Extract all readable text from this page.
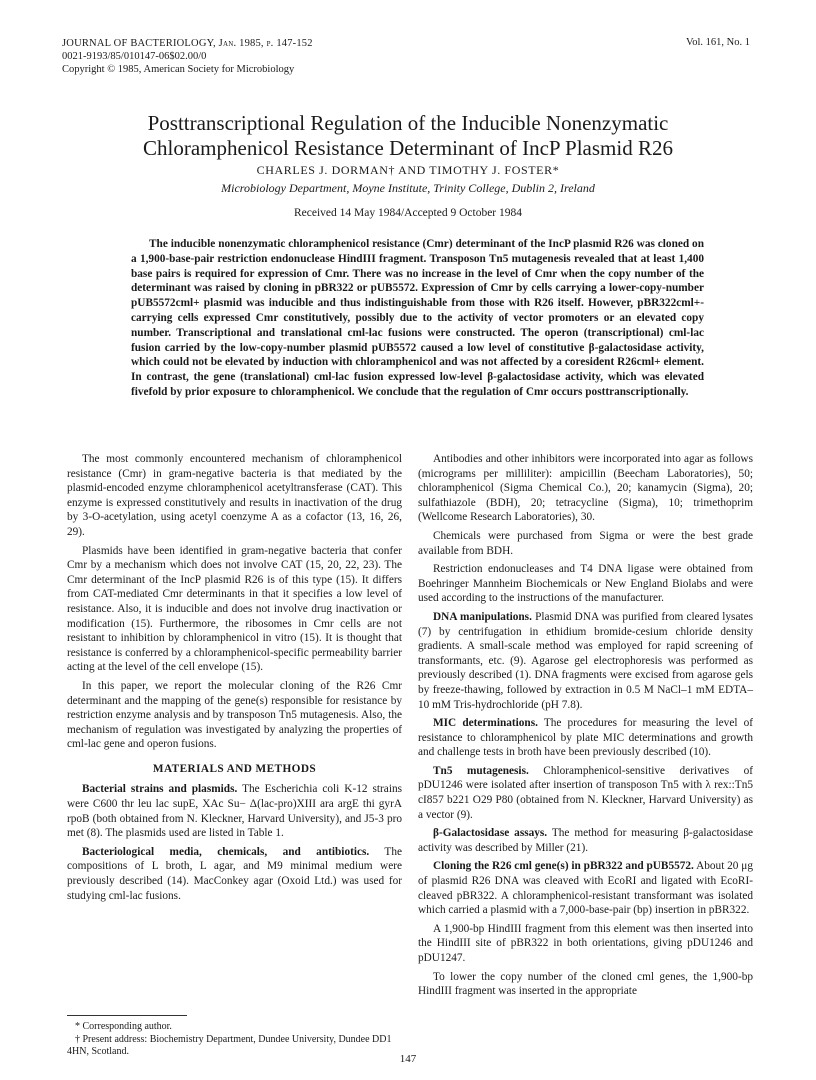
JOURNAL OF BACTERIOLOGY, Jan. 1985, p. 147-152
0021-9193/85/010147-06$02.00/0
Copyright © 1985, American Society for Microbiology
Vol. 161, No. 1
Posttranscriptional Regulation of the Inducible Nonenzymatic
Chloramphenicol Resistance Determinant of IncP Plasmid R26
CHARLES J. DORMAN† AND TIMOTHY J. FOSTER*
Microbiology Department, Moyne Institute, Trinity College, Dublin 2, Ireland
Received 14 May 1984/Accepted 9 October 1984

The inducible nonenzymatic chloramphenicol resistance (Cmr) determinant of the IncP plasmid R26 was cloned on a 1,900-base-pair restriction endonuclease HindIII fragment. Transposon Tn5 mutagenesis revealed that at least 1,400 base pairs is required for expression of Cmr. There was no increase in the level of Cmr when the copy number of the determinant was raised by cloning in pBR322 or pUB5572. Expression of Cmr by cells carrying a lower-copy-number pUB5572cml+ plasmid was inducible and thus indistinguishable from those with R26 itself. However, pBR322cml+-carrying cells expressed Cmr constitutively, possibly due to the activity of vector promoters or an elevated copy number. Transcriptional and translational cml-lac fusions were constructed. The operon (transcriptional) cml-lac fusion carried by the low-copy-number plasmid pUB5572 caused a low level of constitutive β-galactosidase activity, which could not be elevated by induction with chloramphenicol and was not affected by a coresident R26cml+ element. In contrast, the gene (translational) cml-lac fusion expressed low-level β-galactosidase activity, which was elevated fivefold by prior exposure to chloramphenicol. We conclude that the regulation of Cmr occurs posttranscriptionally.

The most commonly encountered mechanism of chloramphenicol resistance (Cmr) in gram-negative bacteria is that mediated by the plasmid-encoded enzyme chloramphenicol acetyltransferase (CAT). This enzyme is expressed constitutively and results in inactivation of the drug by 3-O-acetylation, using acetyl coenzyme A as a cofactor (13, 16, 26, 29).

Plasmids have been identified in gram-negative bacteria that confer Cmr by a mechanism which does not involve CAT (15, 20, 22, 23). The Cmr determinant of the IncP plasmid R26 is of this type (15). It differs from CAT-mediated Cmr determinants in that it specifies a low level of resistance. Also, it is inducible and does not involve drug inactivation or modification (15). Furthermore, the ribosomes in Cmr cells are not resistant to inhibition by chloramphenicol in vitro (15). It is thought that resistance is conferred by a chloramphenicol-specific permeability barrier acting at the level of the cell envelope (15).

In this paper, we report the molecular cloning of the R26 Cmr determinant and the mapping of the gene(s) responsible for resistance by restriction enzyme analysis and by transposon Tn5 mutagenesis. Also, the mechanism of regulation was investigated by analyzing the properties of cml-lac gene and operon fusions.

MATERIALS AND METHODS

Bacterial strains and plasmids. The Escherichia coli K-12 strains were C600 thr leu lac supE, XAc Su− Δ(lac-pro)XIII ara argE thi gyrA rpoB (both obtained from N. Kleckner, Harvard University), and J5-3 pro met (8). The plasmids used are listed in Table 1.

Bacteriological media, chemicals, and antibiotics. The compositions of L broth, L agar, and M9 minimal medium were previously described (14). MacConkey agar (Oxoid Ltd.) was used for studying cml-lac fusions.

* Corresponding author.
† Present address: Biochemistry Department, Dundee University, Dundee DD1 4HN, Scotland.

Antibodies and other inhibitors were incorporated into agar as follows (micrograms per milliliter): ampicillin (Beecham Laboratories), 50; chloramphenicol (Sigma Chemical Co.), 20; kanamycin (Sigma), 20; sulfathiazole (BDH), 20; tetracycline (Sigma), 10; trimethoprim (Wellcome Research Laboratories), 30.

Chemicals were purchased from Sigma or were the best grade available from BDH.

Restriction endonucleases and T4 DNA ligase were obtained from Boehringer Mannheim Biochemicals or New England Biolabs and were used according to the instructions of the manufacturer.

DNA manipulations. Plasmid DNA was purified from cleared lysates (7) by centrifugation in ethidium bromide-cesium chloride density gradients. A small-scale method was employed for rapid screening of transformants, etc. (9). Agarose gel electrophoresis was performed as previously described (1). DNA fragments were excised from agarose gels by freeze-thawing, followed by extraction in 0.5 M NaCl–1 mM EDTA–10 mM Tris-hydrochloride (pH 7.8).

MIC determinations. The procedures for measuring the level of resistance to chloramphenicol by plate MIC determinations and growth and challenge tests in broth have been previously described (10).

Tn5 mutagenesis. Chloramphenicol-sensitive derivatives of pDU1246 were isolated after insertion of transposon Tn5 with λ rex::Tn5 cI857 b221 O29 P80 (obtained from N. Kleckner, Harvard University) as a vector (9).

β-Galactosidase assays. The method for measuring β-galactosidase activity was described by Miller (21).

Cloning the R26 cml gene(s) in pBR322 and pUB5572. About 20 μg of plasmid R26 DNA was cleaved with EcoRI and ligated with EcoRI-cleaved pBR322. A chloramphenicol-resistant transformant was isolated which carried a plasmid with a 7,000-base-pair (bp) insertion in pBR322.

A 1,900-bp HindIII fragment from this element was then inserted into the HindIII site of pBR322 in both orientations, giving pDU1246 and pDU1247.

To lower the copy number of the cloned cml genes, the 1,900-bp HindIII fragment was inserted in the appropriate

147
